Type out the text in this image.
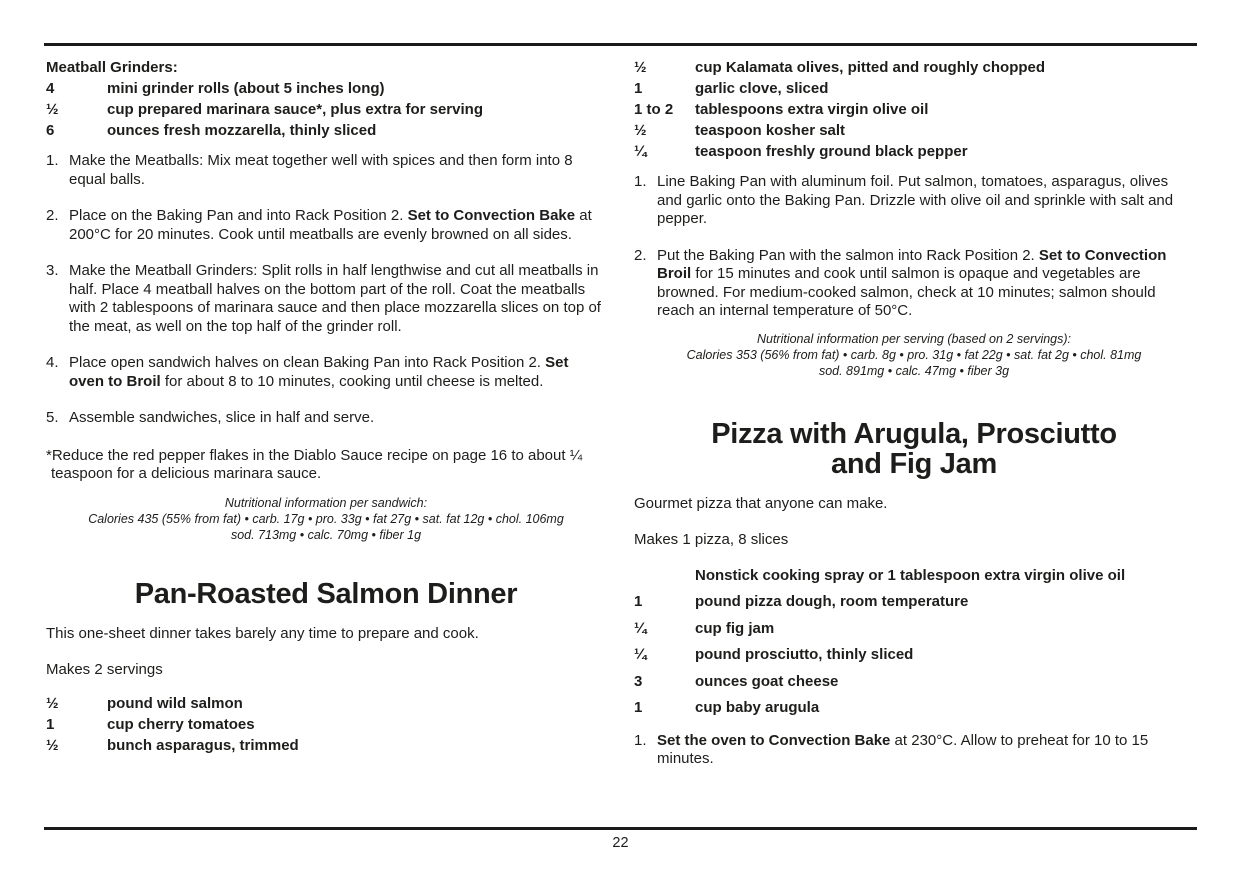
Meatball Grinders:
4	mini grinder rolls (about 5 inches long)
½	cup prepared marinara sauce*, plus extra for serving
6	ounces fresh mozzarella, thinly sliced
1. Make the Meatballs: Mix meat together well with spices and then form into 8 equal balls.
2. Place on the Baking Pan and into Rack Position 2. Set to Convection Bake at 200°C for 20 minutes. Cook until meatballs are evenly browned on all sides.
3. Make the Meatball Grinders: Split rolls in half lengthwise and cut all meatballs in half. Place 4 meatball halves on the bottom part of the roll. Coat the meatballs with 2 tablespoons of marinara sauce and then place mozzarella slices on top of the meat, as well on the top half of the grinder roll.
4. Place open sandwich halves on clean Baking Pan into Rack Position 2. Set oven to Broil for about 8 to 10 minutes, cooking until cheese is melted.
5. Assemble sandwiches, slice in half and serve.
*Reduce the red pepper flakes in the Diablo Sauce recipe on page 16 to about ¼ teaspoon for a delicious marinara sauce.
Nutritional information per sandwich:
Calories 435 (55% from fat) • carb. 17g • pro. 33g • fat 27g • sat. fat 12g • chol. 106mg
sod. 713mg • calc. 70mg • fiber 1g
Pan-Roasted Salmon Dinner
This one-sheet dinner takes barely any time to prepare and cook.
Makes 2 servings
½	pound wild salmon
1	cup cherry tomatoes
½	bunch asparagus, trimmed
½	cup Kalamata olives, pitted and roughly chopped
1	garlic clove, sliced
1 to 2	tablespoons extra virgin olive oil
½	teaspoon kosher salt
¼	teaspoon freshly ground black pepper
1. Line Baking Pan with aluminum foil. Put salmon, tomatoes, asparagus, olives and garlic onto the Baking Pan. Drizzle with olive oil and sprinkle with salt and pepper.
2. Put the Baking Pan with the salmon into Rack Position 2. Set to Convection Broil for 15 minutes and cook until salmon is opaque and vegetables are browned. For medium-cooked salmon, check at 10 minutes; salmon should reach an internal temperature of 50°C.
Nutritional information per serving (based on 2 servings):
Calories 353 (56% from fat) • carb. 8g • pro. 31g • fat 22g • sat. fat 2g • chol. 81mg
sod. 891mg • calc. 47mg • fiber 3g
Pizza with Arugula, Prosciutto
and Fig Jam
Gourmet pizza that anyone can make.
Makes 1 pizza, 8 slices
Nonstick cooking spray or 1 tablespoon extra virgin olive oil
1	pound pizza dough, room temperature
¼	cup fig jam
¼	pound prosciutto, thinly sliced
3	ounces goat cheese
1	cup baby arugula
1. Set the oven to Convection Bake at 230°C. Allow to preheat for 10 to 15 minutes.
22
